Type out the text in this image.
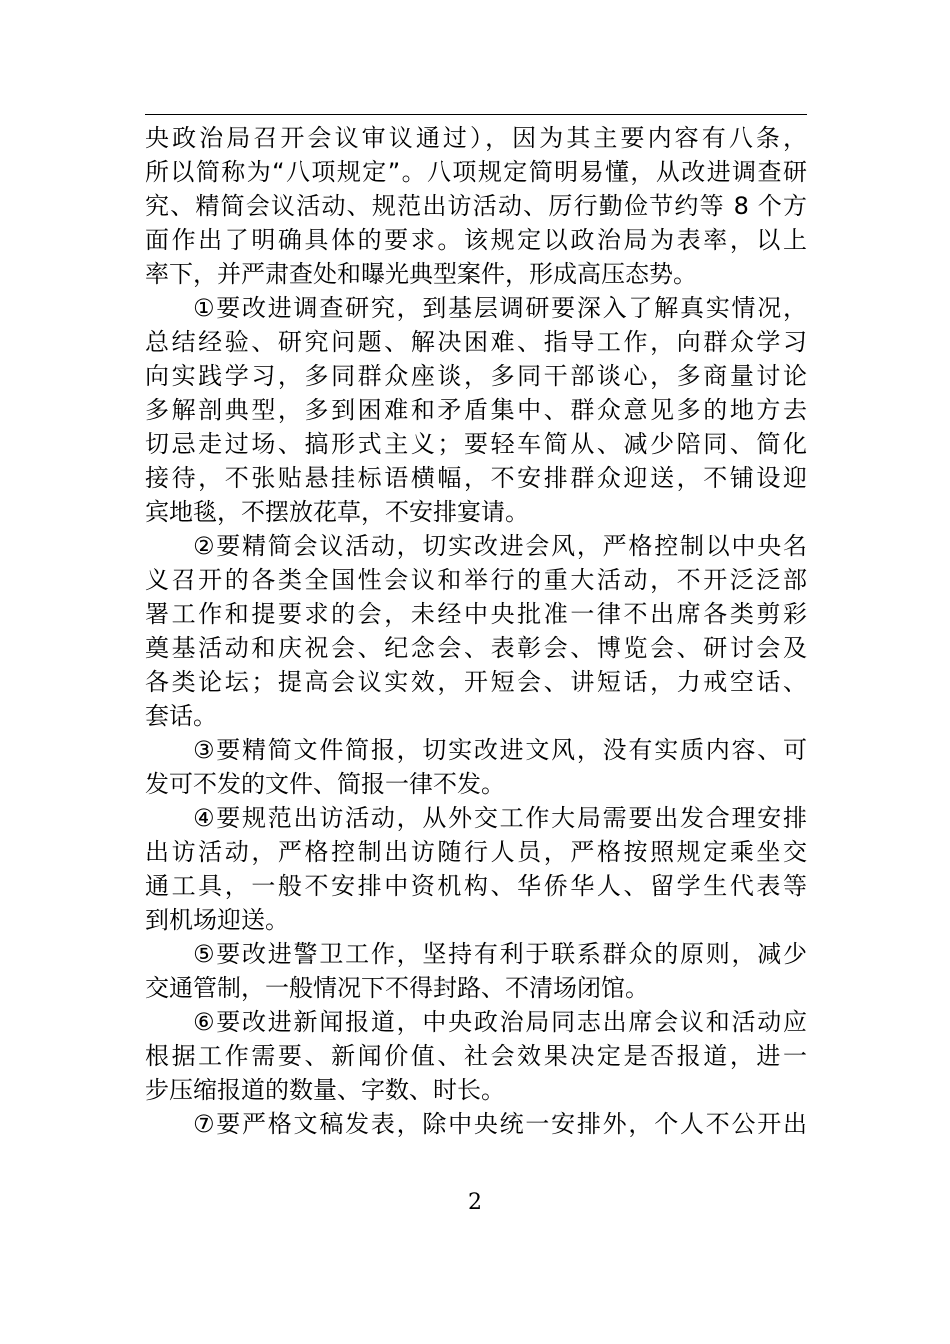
央政治局召开会议审议通过），因为其主要内容有八条，
所以简称为“八项规定”。八项规定简明易懂，从改进调查研
究、精简会议活动、规范出访活动、厉行勤俭节约等 8 个方
面作出了明确具体的要求。该规定以政治局为表率，以上
率下，并严肃查处和曝光典型案件，形成高压态势。
①要改进调查研究，到基层调研要深入了解真实情况，
总结经验、研究问题、解决困难、指导工作，向群众学习
向实践学习，多同群众座谈，多同干部谈心，多商量讨论
多解剖典型，多到困难和矛盾集中、群众意见多的地方去
切忌走过场、搞形式主义；要轻车简从、减少陪同、简化
接待，不张贴悬挂标语横幅，不安排群众迎送，不铺设迎
宾地毯，不摆放花草，不安排宴请。
②要精简会议活动，切实改进会风，严格控制以中央名
义召开的各类全国性会议和举行的重大活动，不开泛泛部
署工作和提要求的会，未经中央批准一律不出席各类剪彩
奠基活动和庆祝会、纪念会、表彰会、博览会、研讨会及
各类论坛；提高会议实效，开短会、讲短话，力戒空话、
套话。
③要精简文件简报，切实改进文风，没有实质内容、可
发可不发的文件、简报一律不发。
④要规范出访活动，从外交工作大局需要出发合理安排
出访活动，严格控制出访随行人员，严格按照规定乘坐交
通工具，一般不安排中资机构、华侨华人、留学生代表等
到机场迎送。
⑤要改进警卫工作，坚持有利于联系群众的原则，减少
交通管制，一般情况下不得封路、不清场闭馆。
⑥要改进新闻报道，中央政治局同志出席会议和活动应
根据工作需要、新闻价值、社会效果决定是否报道，进一
步压缩报道的数量、字数、时长。
⑦要严格文稿发表，除中央统一安排外，个人不公开出
2
